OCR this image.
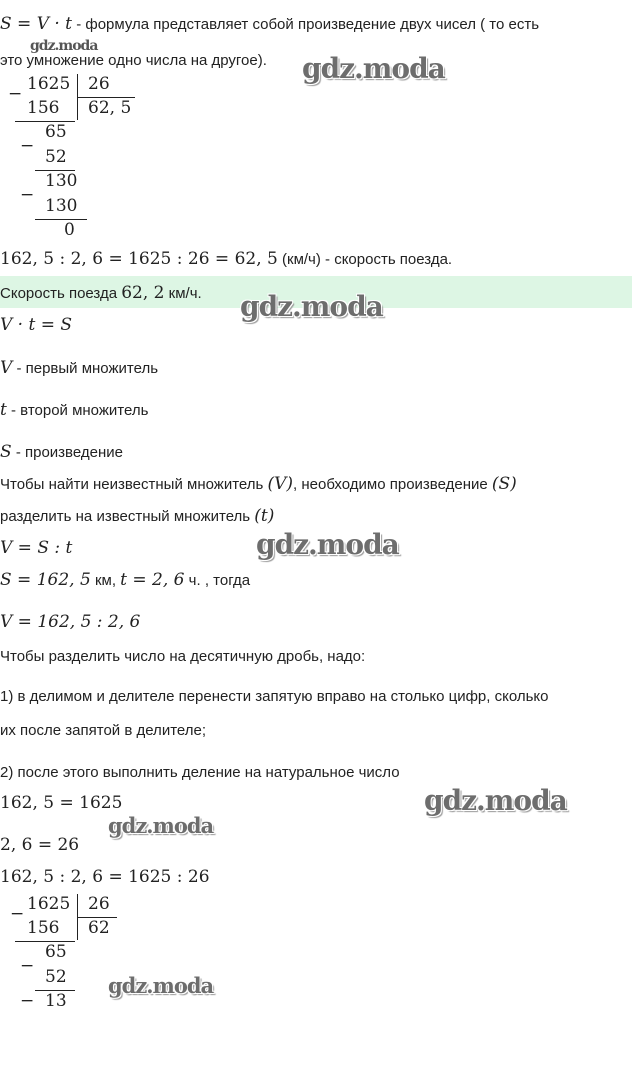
S = V · t - формула представляет собой произведение двух чисел ( то есть
это умножение одно числа на другое).
− 1625 26
156 62, 5
65
−
52
130
−
130
0
162, 5 : 2, 6 = 1625 : 26 = 62, 5 (км/ч) - скорость поезда.
Скорость поезда 62, 2 км/ч.
V · t = S
V - первый множитель
t - второй множитель
S - произведение
Чтобы найти неизвестный множитель (V), необходимо произведение (S)
разделить на известный множитель (t)
V = S : t
S = 162, 5 км, t = 2, 6 ч. , тогда
V = 162, 5 : 2, 6
Чтобы разделить число на десятичную дробь, надо:
1) в делимом и делителе перенести запятую вправо на столько цифр, сколько
их после запятой в делителе;
2) после этого выполнить деление на натуральное число
162, 5 = 1625
2, 6 = 26
162, 5 : 2, 6 = 1625 : 26
− 1625 26
156 62
65
−
52
− 13
gdz.moda
gdz.moda
gdz.moda
gdz.moda
gdz.moda
gdz.moda
gdz.moda
